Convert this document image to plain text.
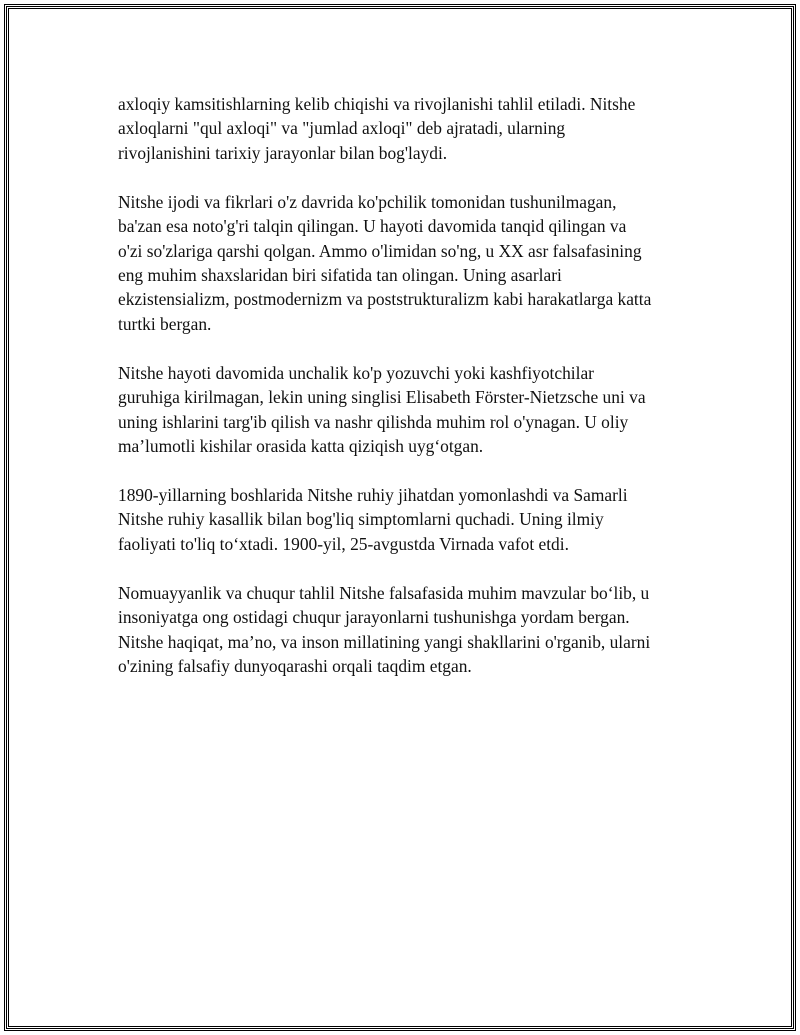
axloqiy kamsitishlarning kelib chiqishi va rivojlanishi tahlil etiladi. Nitshe
axloqlarni "qul axloqi" va "jumlad axloqi" deb ajratadi, ularning
rivojlanishini tarixiy jarayonlar bilan bog'laydi.

Nitshe ijodi va fikrlari o'z davrida ko'pchilik tomonidan tushunilmagan,
ba'zan esa noto'g'ri talqin qilingan. U hayoti davomida tanqid qilingan va
o'zi so'zlariga qarshi qolgan. Ammo o'limidan so'ng, u XX asr falsafasining
eng muhim shaxslaridan biri sifatida tan olingan. Uning asarlari
ekzistensializm, postmodernizm va poststrukturalizm kabi harakatlarga katta
turtki bergan.

Nitshe hayoti davomida unchalik ko'p yozuvchi yoki kashfiyotchilar
guruhiga kirilmagan, lekin uning singlisi Elisabeth Förster-Nietzsche uni va
uning ishlarini targ'ib qilish va nashr qilishda muhim rol o'ynagan. U oliy
ma’lumotli kishilar orasida katta qiziqish uyg‘otgan.

1890-yillarning boshlarida Nitshe ruhiy jihatdan yomonlashdi va Samarli
Nitshe ruhiy kasallik bilan bog'liq simptomlarni quchadi. Uning ilmiy
faoliyati to'liq to‘xtadi. 1900-yil, 25-avgustda Virnada vafot etdi.

Nomuayyanlik va chuqur tahlil Nitshe falsafasida muhim mavzular bo‘lib, u
insoniyatga ong ostidagi chuqur jarayonlarni tushunishga yordam bergan.
Nitshe haqiqat, ma’no, va inson millatining yangi shakllarini o'rganib, ularni
o'zining falsafiy dunyoqarashi orqali taqdim etgan.
